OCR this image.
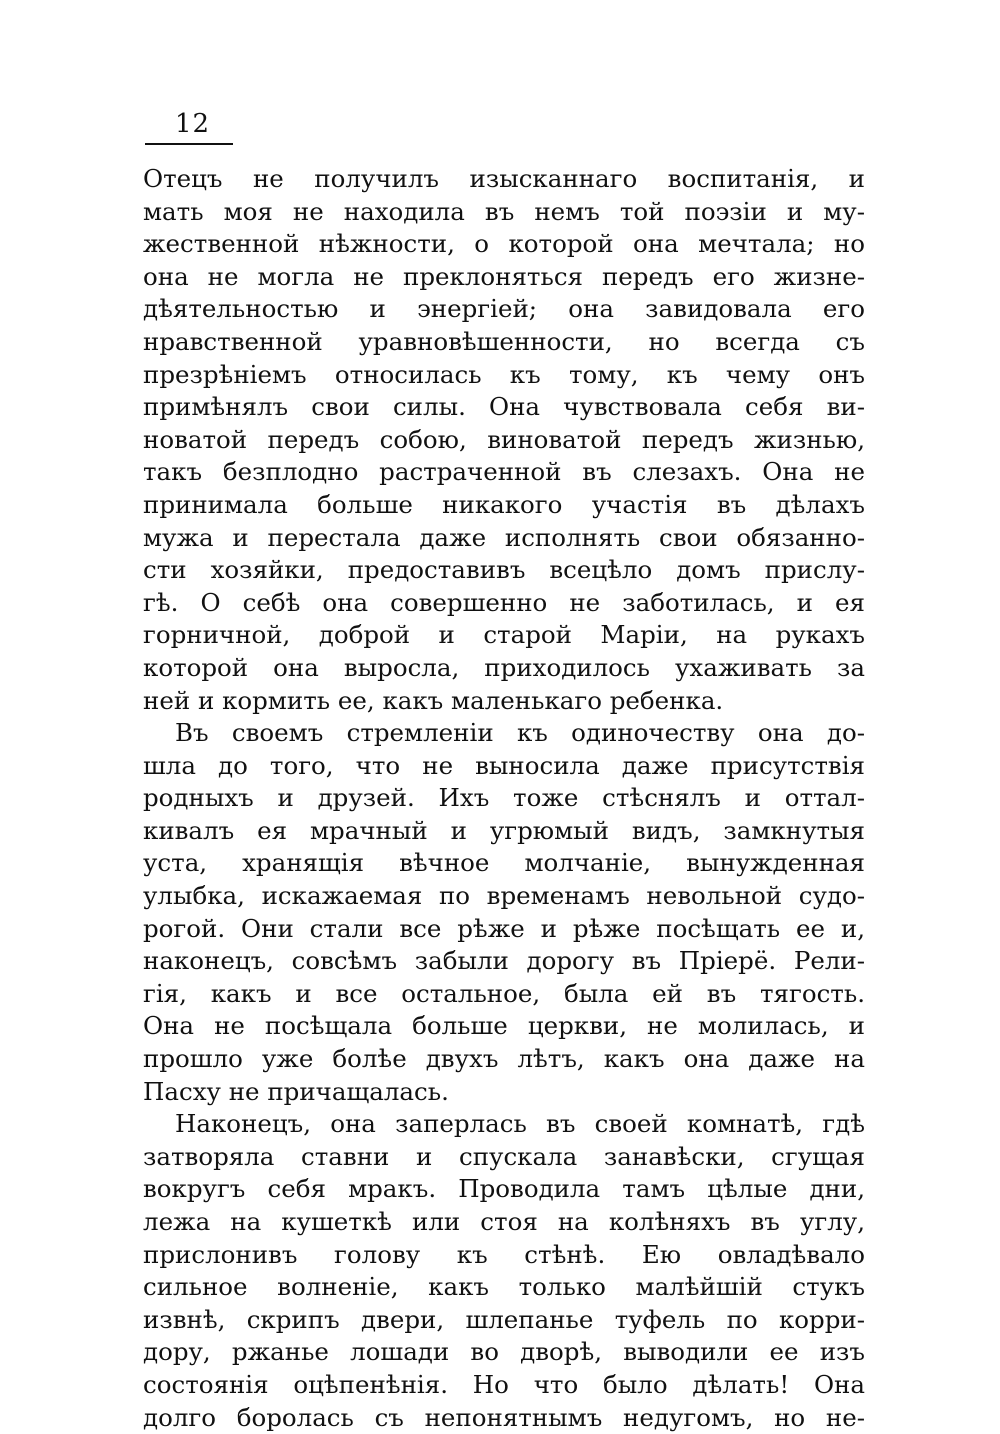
12
Отецъ не получилъ изысканнаго воспитанія, и
мать моя не находила въ немъ той поэзіи и му-
жественной нѣжности, о которой она мечтала; но
она не могла не преклоняться передъ его жизне-
дѣятельностью и энергіей; она завидовала его
нравственной уравновѣшенности, но всегда съ
презрѣніемъ относилась къ тому, къ чему онъ
примѣнялъ свои силы. Она чувствовала себя ви-
новатой передъ собою, виноватой передъ жизнью,
такъ безплодно растраченной въ слезахъ. Она не
принимала больше никакого участія въ дѣлахъ
мужа и перестала даже исполнять свои обязанно-
сти хозяйки, предоставивъ всецѣло домъ прислу-
гѣ. О себѣ она совершенно не заботилась, и ея
горничной, доброй и старой Маріи, на рукахъ
которой она выросла, приходилось ухаживать за
ней и кормить ее, какъ маленькаго ребенка.
Въ своемъ стремленіи къ одиночеству она до-
шла до того, что не выносила даже присутствія
родныхъ и друзей. Ихъ тоже стѣснялъ и оттал-
кивалъ ея мрачный и угрюмый видъ, замкнутыя
уста, хранящія вѣчное молчаніе, вынужденная
улыбка, искажаемая по временамъ невольной судо-
рогой. Они стали все рѣже и рѣже посѣщать ее и,
наконецъ, совсѣмъ забыли дорогу въ Пріерё. Рели-
гія, какъ и все остальное, была ей въ тягость.
Она не посѣщала больше церкви, не молилась, и
прошло уже болѣе двухъ лѣтъ, какъ она даже на
Пасху не причащалась.
Наконецъ, она заперлась въ своей комнатѣ, гдѣ
затворяла ставни и спускала занавѣски, сгущая
вокругъ себя мракъ. Проводила тамъ цѣлые дни,
лежа на кушеткѣ или стоя на колѣняхъ въ углу,
прислонивъ голову къ стѣнѣ. Ею овладѣвало
сильное волненіе, какъ только малѣйшій стукъ
извнѣ, скрипъ двери, шлепанье туфель по корри-
дору, ржанье лошади во дворѣ, выводили ее изъ
состоянія оцѣпенѣнія. Но что было дѣлать! Она
долго боролась съ непонятнымъ недугомъ, но не-
